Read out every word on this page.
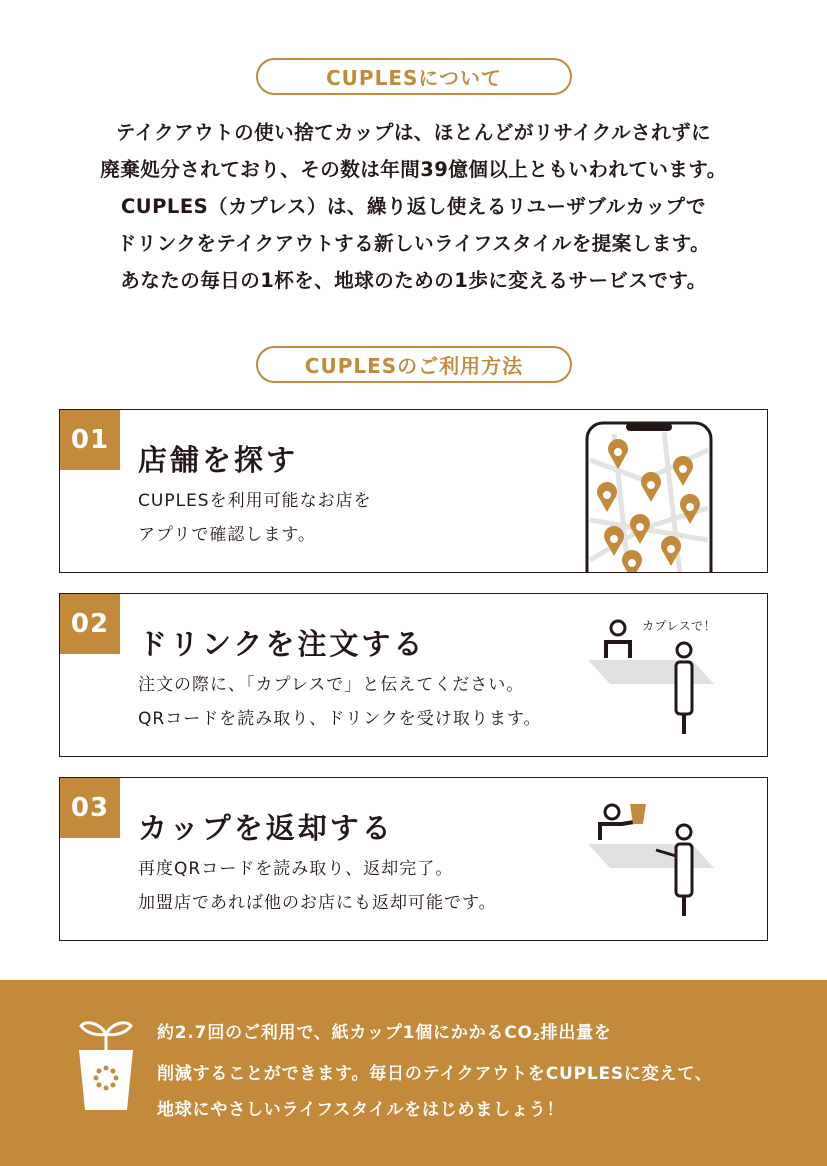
CUPLESについて
テイクアウトの使い捨てカップは、ほとんどがリサイクルされずに
廃棄処分されており、その数は年間39億個以上ともいわれています。
CUPLES（カプレス）は、繰り返し使えるリユーザブルカップで
ドリンクをテイクアウトする新しいライフスタイルを提案します。
あなたの毎日の1杯を、地球のための1歩に変えるサービスです。
CUPLESのご利用方法
01
店舗を探す
CUPLESを利用可能なお店を
アプリで確認します。
02
ドリンクを注文する
注文の際に、「カプレスで」と伝えてください。
QRコードを読み取り、ドリンクを受け取ります。
カプレスで！
03
カップを返却する
再度QRコードを読み取り、返却完了。
加盟店であれば他のお店にも返却可能です。
約2.7回のご利用で、紙カップ1個にかかる$CO_2$排出量を
削減することができます。毎日のテイクアウトをCUPLESに変えて、
地球にやさしいライフスタイルをはじめましょう！
